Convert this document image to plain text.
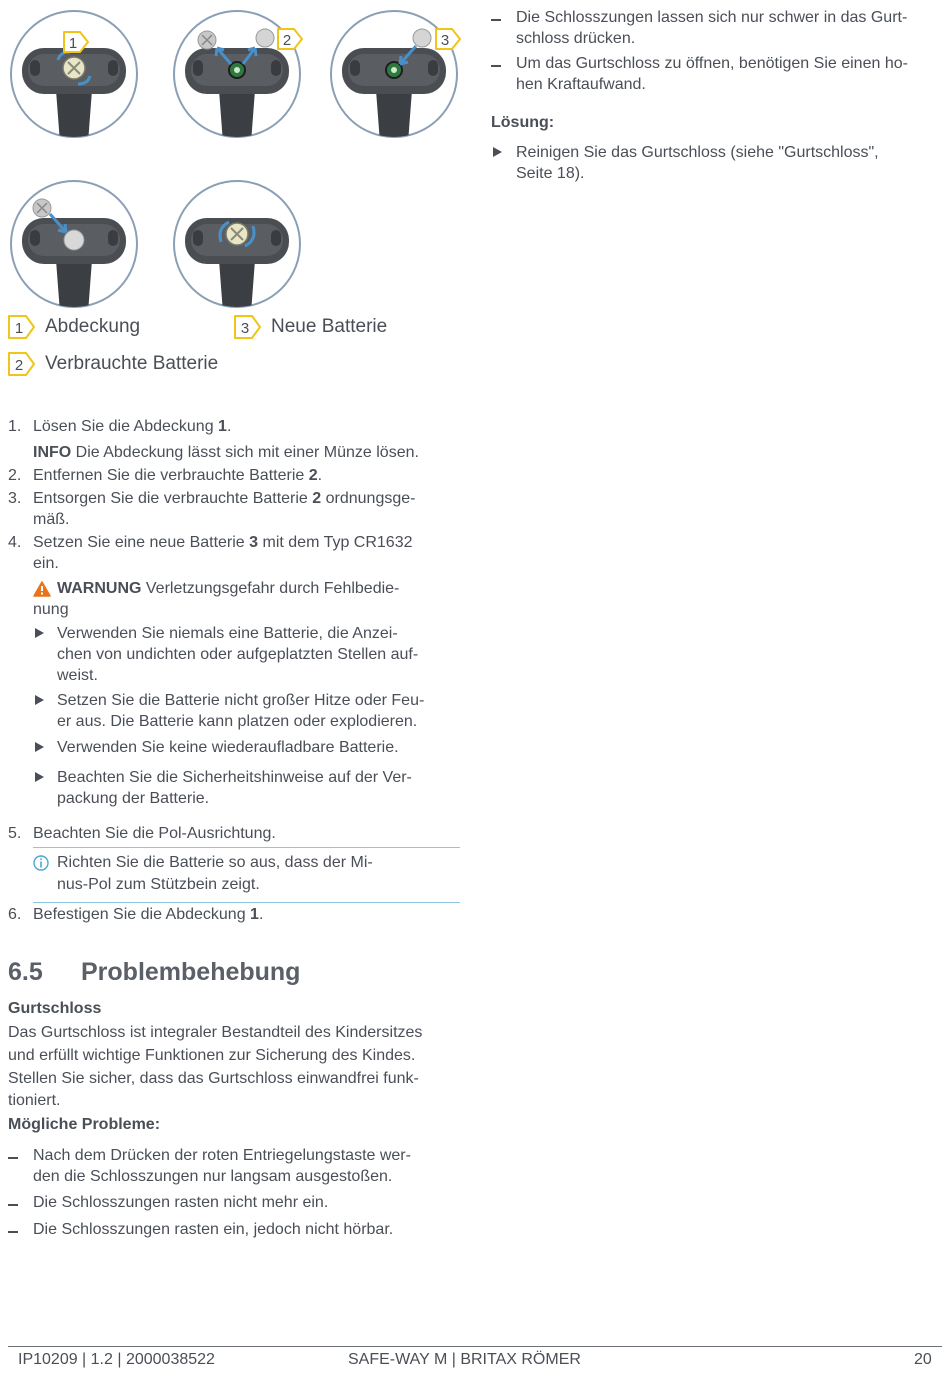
1	2	3
1 Abdeckung	3 Neue Batterie
2 Verbrauchte Batterie
1. Lösen Sie die Abdeckung 1.
INFO Die Abdeckung lässt sich mit einer Münze lösen.
2. Entfernen Sie die verbrauchte Batterie 2.
3. Entsorgen Sie die verbrauchte Batterie 2 ordnungsge-
mäß.
4. Setzen Sie eine neue Batterie 3 mit dem Typ CR1632
ein.
WARNUNG Verletzungsgefahr durch Fehlbedie-
nung
Verwenden Sie niemals eine Batterie, die Anzei-
chen von undichten oder aufgeplatzten Stellen auf-
weist.
Setzen Sie die Batterie nicht großer Hitze oder Feu-
er aus. Die Batterie kann platzen oder explodieren.
Verwenden Sie keine wiederaufladbare Batterie.
Beachten Sie die Sicherheitshinweise auf der Ver-
packung der Batterie.
5. Beachten Sie die Pol-Ausrichtung.
Richten Sie die Batterie so aus, dass der Mi-
nus-Pol zum Stützbein zeigt.
6. Befestigen Sie die Abdeckung 1.
6.5 Problembehebung
Gurtschloss
Das Gurtschloss ist integraler Bestandteil des Kindersitzes
und erfüllt wichtige Funktionen zur Sicherung des Kindes.
Stellen Sie sicher, dass das Gurtschloss einwandfrei funk-
tioniert.
Mögliche Probleme:
Nach dem Drücken der roten Entriegelungstaste wer-
den die Schlosszungen nur langsam ausgestoßen.
Die Schlosszungen rasten nicht mehr ein.
Die Schlosszungen rasten ein, jedoch nicht hörbar.
Die Schlosszungen lassen sich nur schwer in das Gurt-
schloss drücken.
Um das Gurtschloss zu öffnen, benötigen Sie einen ho-
hen Kraftaufwand.
Lösung:
Reinigen Sie das Gurtschloss (siehe "Gurtschloss",
Seite 18).
IP10209 | 1.2 | 2000038522	SAFE-WAY M | BRITAX RÖMER	20
